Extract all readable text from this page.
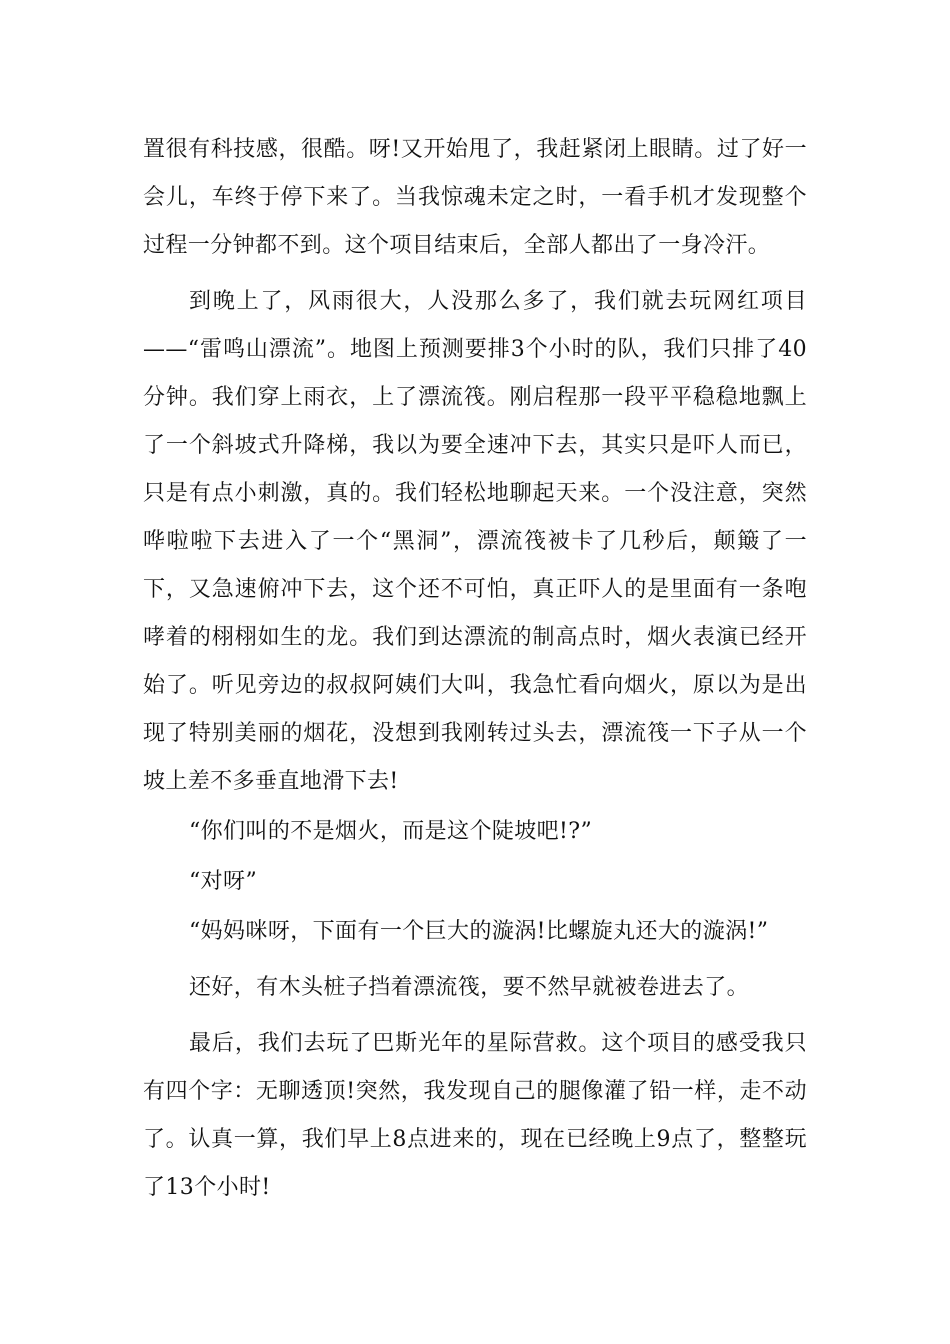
置很有科技感，很酷。呀!又开始甩了，我赶紧闭上眼睛。过了好一会儿，车终于停下来了。当我惊魂未定之时，一看手机才发现整个过程一分钟都不到。这个项目结束后，全部人都出了一身冷汗。

到晚上了，风雨很大，人没那么多了，我们就去玩网红项目——“雷鸣山漂流”。地图上预测要排3个小时的队，我们只排了40分钟。我们穿上雨衣，上了漂流筏。刚启程那一段平平稳稳地飘上了一个斜坡式升降梯，我以为要全速冲下去，其实只是吓人而已，只是有点小刺激，真的。我们轻松地聊起天来。一个没注意，突然哗啦啦下去进入了一个“黑洞”，漂流筏被卡了几秒后，颠簸了一下，又急速俯冲下去，这个还不可怕，真正吓人的是里面有一条咆哮着的栩栩如生的龙。我们到达漂流的制高点时，烟火表演已经开始了。听见旁边的叔叔阿姨们大叫，我急忙看向烟火，原以为是出现了特别美丽的烟花，没想到我刚转过头去，漂流筏一下子从一个坡上差不多垂直地滑下去!

“你们叫的不是烟火，而是这个陡坡吧!?”

“对呀”

“妈妈咪呀，下面有一个巨大的漩涡!比螺旋丸还大的漩涡!”

还好，有木头桩子挡着漂流筏，要不然早就被卷进去了。

最后，我们去玩了巴斯光年的星际营救。这个项目的感受我只有四个字：无聊透顶!突然，我发现自己的腿像灌了铅一样，走不动了。认真一算，我们早上8点进来的，现在已经晚上9点了，整整玩了13个小时!
